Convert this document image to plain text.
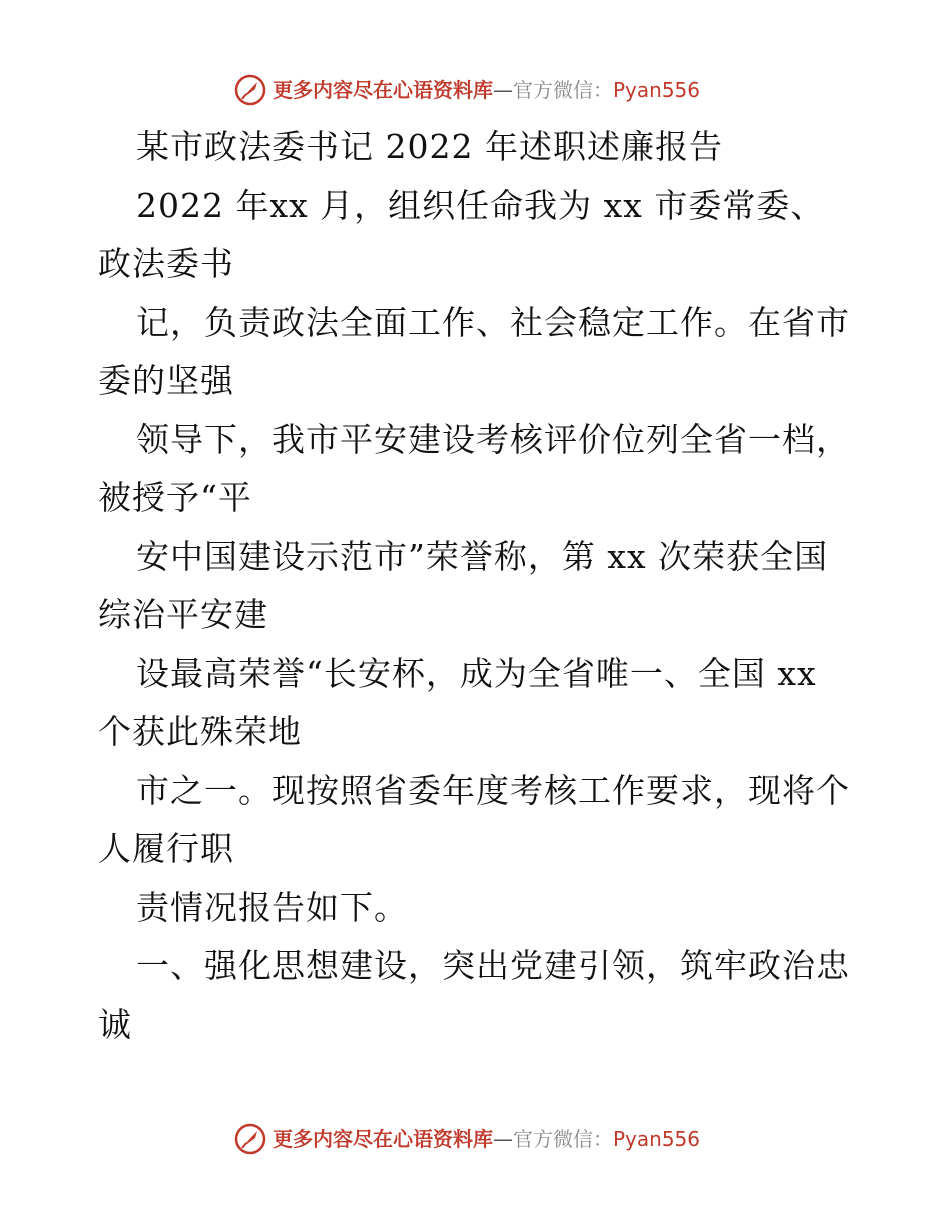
更多内容尽在心语资料库—官方微信：Pyan556
某市政法委书记 2022 年述职述廉报告
2022 年xx 月，组织任命我为 xx 市委常委、
政法委书
记，负责政法全面工作、社会稳定工作。在省市
委的坚强
领导下，我市平安建设考核评价位列全省一档，
被授予“平
安中国建设示范市”荣誉称，第 xx 次荣获全国
综治平安建
设最高荣誉“长安杯，成为全省唯一、全国 xx
个获此殊荣地
市之一。现按照省委年度考核工作要求，现将个
人履行职
责情况报告如下。
一、强化思想建设，突出党建引领，筑牢政治忠
诚
更多内容尽在心语资料库—官方微信：Pyan556
